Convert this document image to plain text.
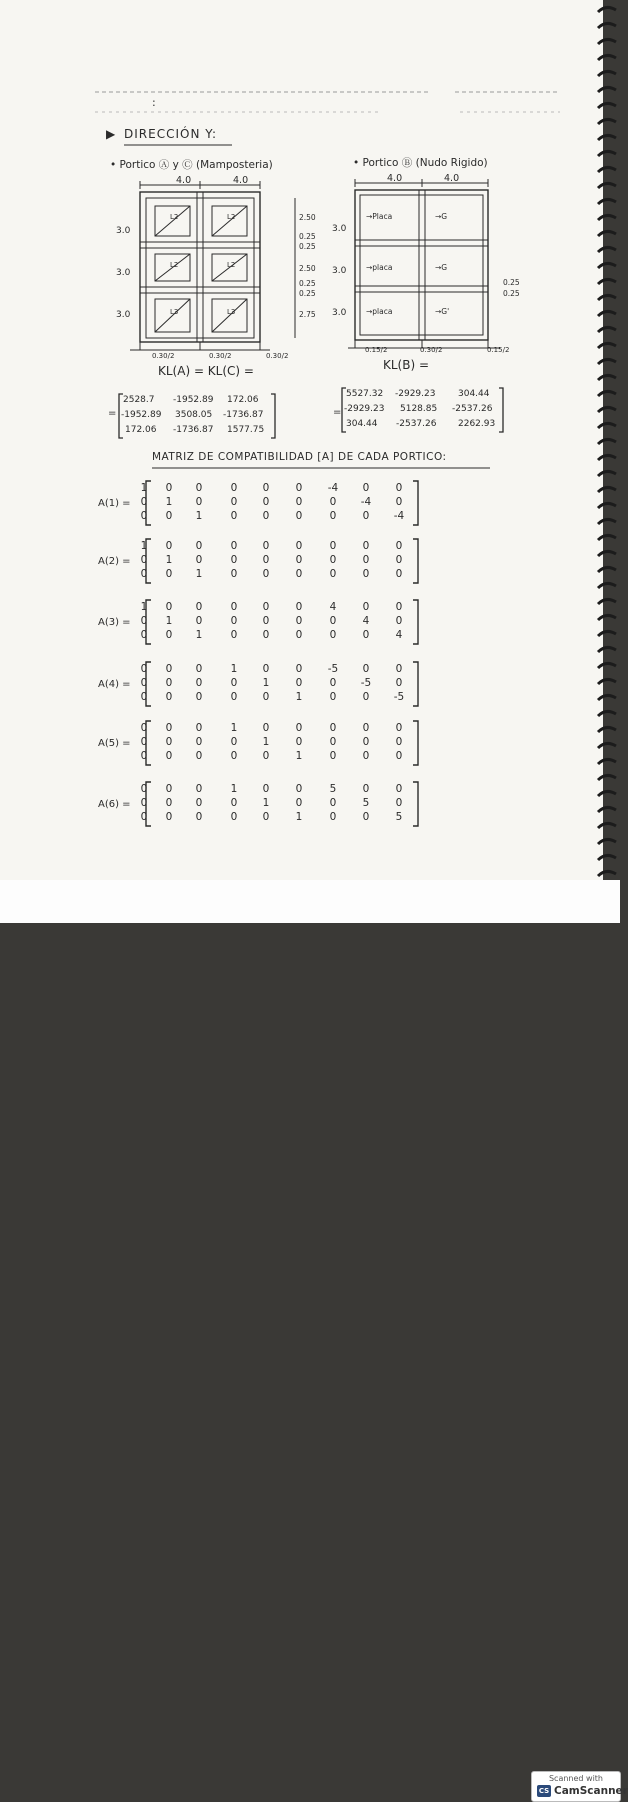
:
▶ DIRECCIÓN Y:
• Portico Ⓐ y Ⓒ (Mamposteria)	• Portico Ⓑ (Nudo Rigido)
4.0	4.0
3.0
3.0
3.0
2.50
0.25
0.25
2.50
0.25
0.25
2.75
L2	L2
L2	L2
L3	L3
0.30/2	0.30/2	0.30/2
KL(A) = KL(C) =
4.0	4.0
3.0
3.0
3.0
0.25
0.25
→Placa	→G
→placa	→G
→placa	→G'
0.15/2	0.30/2	0.15/2
KL(B) =
=
2528.7 -1952.89 172.06
-1952.89 3508.05 -1736.87
172.06 -1736.87 1577.75
=
5527.32 -2929.23	304.44
-2929.23 5128.85 -2537.26
304.44 -2537.26 2262.93
MATRIZ DE COMPATIBILIDAD [A] DE CADA PORTICO:
A(1) =
1	0	0	0	0	0	-4	0	0
0	1	0	0	0	0	0	-4	0
0	0	1	0	0	0	0	0	-4
A(2) =
1	0	0	0	0	0	0	0	0
0	1	0	0	0	0	0	0	0
0	0	1	0	0	0	0	0	0
A(3) =
1	0	0	0	0	0	4	0	0
0	1	0	0	0	0	0	4	0
0	0	1	0	0	0	0	0	4
A(4) =
0	0	0	1	0	0	-5	0	0
0	0	0	0	1	0	0	-5	0
0	0	0	0	0	1	0	0	-5
A(5) =
0	0	0	1	0	0	0	0	0
0	0	0	0	1	0	0	0	0
0	0	0	0	0	1	0	0	0
A(6) =
0	0	0	1	0	0	5	0	0
0	0	0	0	1	0	0	5	0
0	0	0	0	0	1	0	0	5
Scanned with
CS CamScanner
